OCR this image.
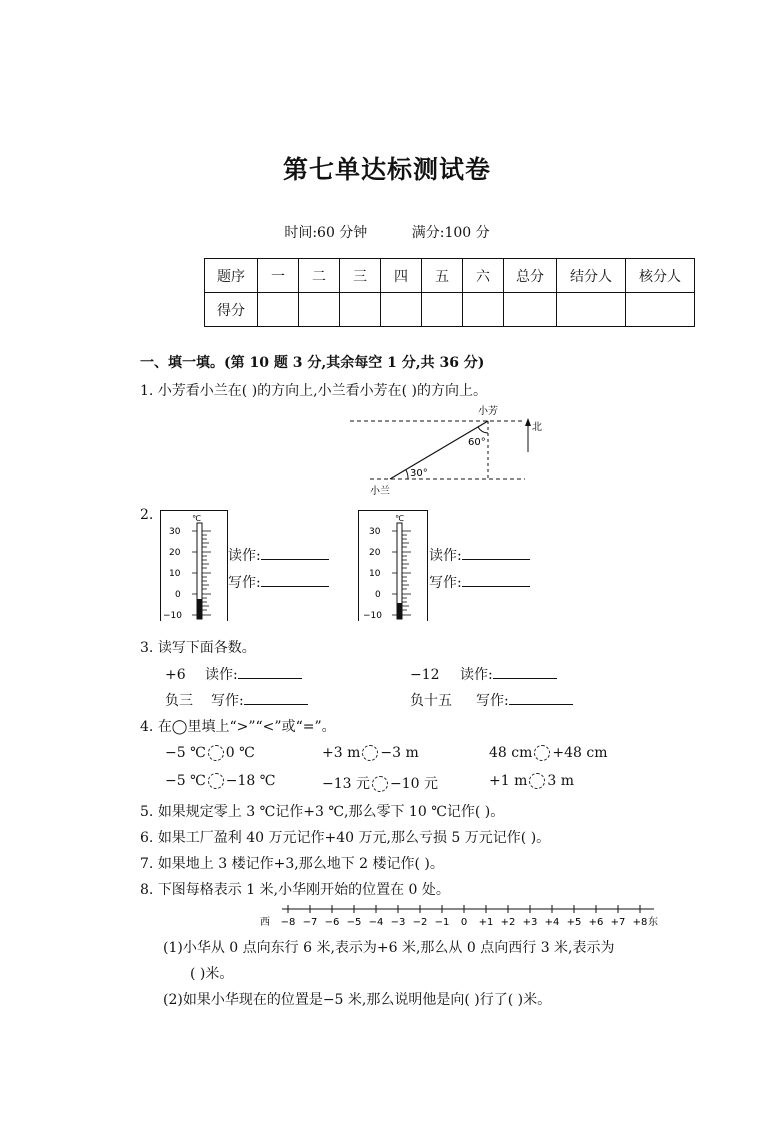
第七单达标测试卷
时间:60 分钟	满分:100 分
题序	一	二	三	四	五	六	总分	结分人	核分人
得分									
一、填一填。(第 10 题 3 分,其余每空 1 分,共 36 分)
1. 小芳看小兰在( )的方向上,小兰看小芳在( )的方向上。
30°
60°
小芳
小兰
北
2.	℃
30
20
10
0
−10
读作:
写作:
℃
30
20
10
0
−10
读作:
写作:
3. 读写下面各数。
+6 读作:	−12 读作:
负三 写作:	负十五 写作:
4. 在◯里填上“>”“<”或“=”。
−5 ℃ 0 ℃	+3 m −3 m	48 cm +48 cm
−5 ℃ −18 ℃	−13 元 −10 元	+1 m 3 m
5. 如果规定零上 3 ℃记作+3 ℃,那么零下 10 ℃记作( )。
6. 如果工厂盈利 40 万元记作+40 万元,那么亏损 5 万元记作( )。
7. 如果地上 3 楼记作+3,那么地下 2 楼记作( )。
8. 下图每格表示 1 米,小华刚开始的位置在 0 处。
−8 −7 −6 −5 −4 −3 −2 −1 0 +1 +2 +3 +4 +5 +6 +7 +8
西	东
(1)小华从 0 点向东行 6 米,表示为+6 米,那么从 0 点向西行 3 米,表示为
( )米。
(2)如果小华现在的位置是−5 米,那么说明他是向( )行了( )米。
